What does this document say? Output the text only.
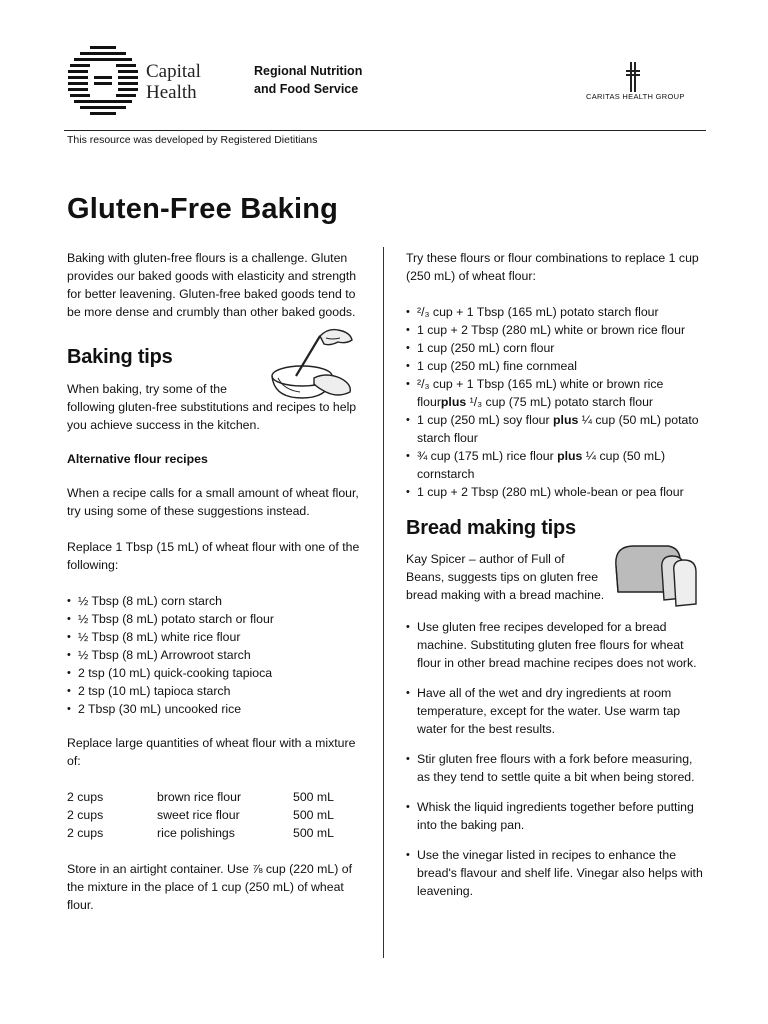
Capital
Health
Regional Nutrition
and Food Service
CARITAS HEALTH GROUP
This resource was developed by Registered Dietitians
Gluten-Free Baking

Baking with gluten-free flours is a challenge. Gluten provides our baked goods with elasticity and strength for better leavening. Gluten-free baked goods tend to be more dense and crumbly than other baked goods.

Baking tips

When baking, try some of the
following gluten-free substitutions and recipes to help you achieve success in the kitchen.

Alternative flour recipes

When a recipe calls for a small amount of wheat flour, try using some of these suggestions instead.

Replace 1 Tbsp (15 mL) of wheat flour with one of the following:

• ½ Tbsp (8 mL) corn starch
• ½ Tbsp (8 mL) potato starch or flour
• ½ Tbsp (8 mL) white rice flour
• ½ Tbsp (8 mL) Arrowroot starch
• 2 tsp (10 mL) quick-cooking tapioca
• 2 tsp (10 mL) tapioca starch
• 2 Tbsp (30 mL) uncooked rice

Replace large quantities of wheat flour with a mixture of:

2 cups	brown rice flour	500 mL
2 cups	sweet rice flour	500 mL
2 cups	rice polishings	500 mL

Store in an airtight container. Use ⅞ cup (220 mL) of the mixture in the place of 1 cup (250 mL) of wheat flour.

Try these flours or flour combinations to replace 1 cup (250 mL) of wheat flour:

• ²/₃ cup + 1 Tbsp (165 mL) potato starch flour
• 1 cup + 2 Tbsp (280 mL) white or brown rice flour
• 1 cup (250 mL) corn flour
• 1 cup (250 mL) fine cornmeal
• ²/₃ cup + 1 Tbsp (165 mL) white or brown rice flourplus ¹/₃ cup (75 mL) potato starch flour
• 1 cup (250 mL) soy flour plus ¼ cup (50 mL) potato starch flour
• ¾ cup (175 mL) rice flour plus ¼ cup (50 mL) cornstarch
• 1 cup + 2 Tbsp (280 mL) whole-bean or pea flour
Bread making tips

Kay Spicer – author of Full of Beans, suggests tips on gluten free bread making with a bread machine.

• Use gluten free recipes developed for a bread machine. Substituting gluten free flours for wheat flour in other bread machine recipes does not work.
• Have all of the wet and dry ingredients at room temperature, except for the water. Use warm tap water for the best results.
• Stir gluten free flours with a fork before measuring, as they tend to settle quite a bit when being stored.
• Whisk the liquid ingredients together before putting into the baking pan.
• Use the vinegar listed in recipes to enhance the bread's flavour and shelf life. Vinegar also helps with leavening.
